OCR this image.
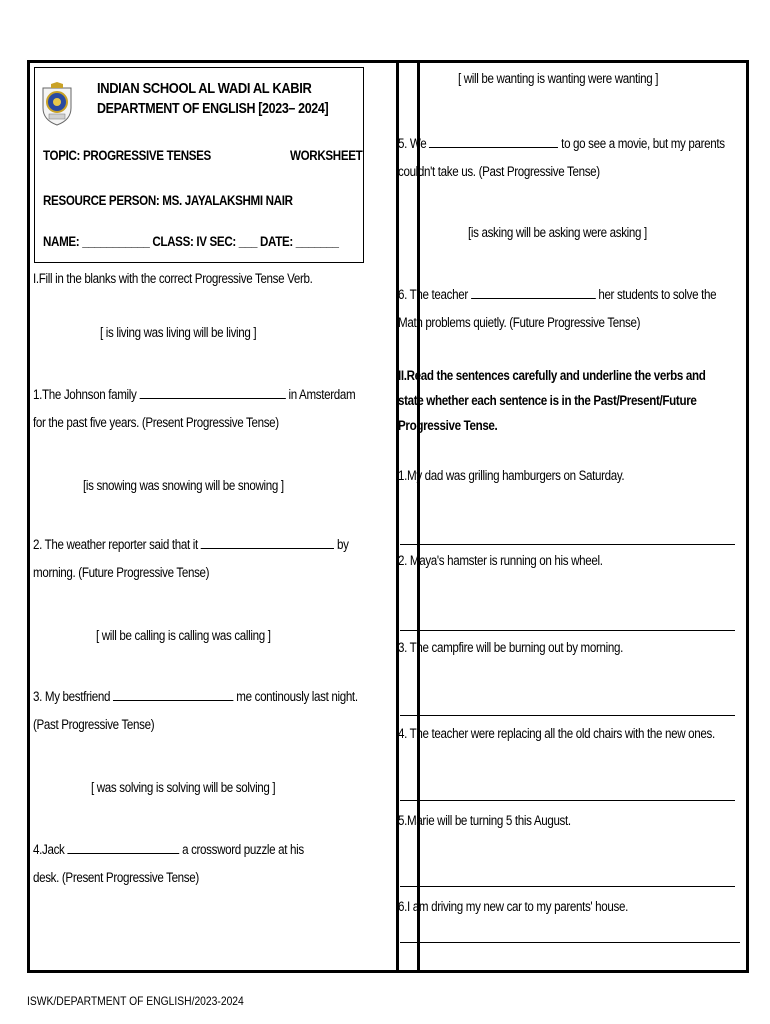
INDIAN SCHOOL AL WADI AL KABIR
DEPARTMENT OF ENGLISH [2023– 2024]
TOPIC: PROGRESSIVE TENSES	WORKSHEET
RESOURCE PERSON: MS. JAYALAKSHMI NAIR
NAME: ___________ CLASS: IV SEC: ___ DATE: _______
I.Fill in the blanks with the correct Progressive Tense Verb.
[ is living was living will be living ]
1.The Johnson family	in Amsterdam
for the past five years. (Present Progressive Tense)
[is snowing was snowing will be snowing ]
2. The weather reporter said that it	by
morning. (Future Progressive Tense)
[ will be calling is calling was calling ]
3. My bestfriend	me continously last night.
(Past Progressive Tense)
[ was solving is solving will be solving ]
4.Jack	a crossword puzzle at his
desk. (Present Progressive Tense)
[ will be wanting is wanting were wanting ]
5. We	to go see a movie, but my parents
couldn't take us. (Past Progressive Tense)
[is asking will be asking were asking ]
6. The teacher	her students to solve the
Math problems quietly. (Future Progressive Tense)
II.Read the sentences carefully and underline the verbs and
state whether each sentence is in the Past/Present/Future
Progressive Tense.
1.My dad was grilling hamburgers on Saturday.
2. Maya's hamster is running on his wheel.
3. The campfire will be burning out by morning.
4. The teacher were replacing all the old chairs with the new ones.
5.Marie will be turning 5 this August.
6.I am driving my new car to my parents' house.
ISWK/DEPARTMENT OF ENGLISH/2023-2024
